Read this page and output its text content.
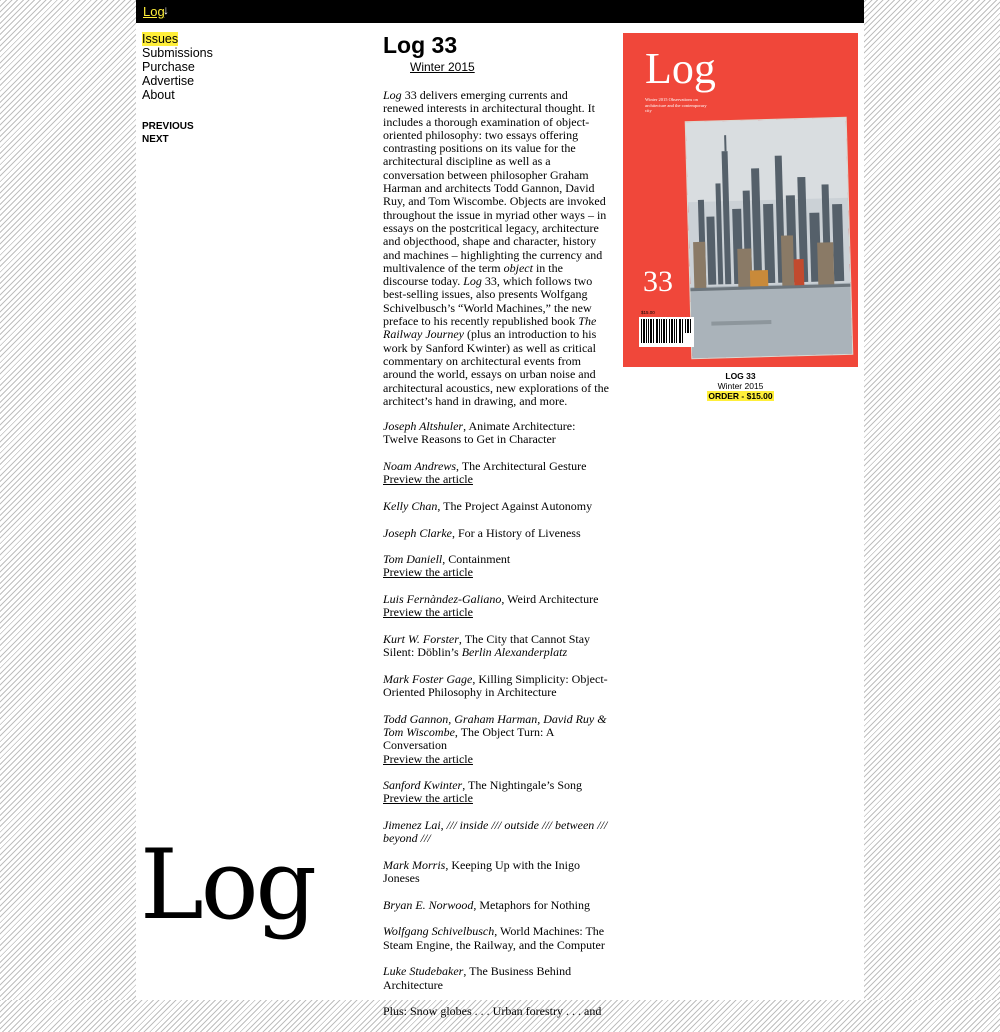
Log
↓
Issues
Submissions
Purchase
Advertise
About
PREVIOUS
NEXT
Log
Log 33
Winter 2015

Log 33 delivers emerging currents and renewed interests in architectural thought. It includes a thorough examination of object-oriented philosophy: two essays offering contrasting positions on its value for the architectural discipline as well as a conversation between philosopher Graham Harman and architects Todd Gannon, David Ruy, and Tom Wiscombe. Objects are invoked throughout the issue in myriad other ways – in essays on the postcritical legacy, architecture and objecthood, shape and character, history and machines – highlighting the currency and multivalence of the term object in the discourse today. Log 33, which follows two best-selling issues, also presents Wolfgang Schivelbusch’s “World Machines,” the new preface to his recently republished book The Railway Journey (plus an introduction to his work by Sanford Kwinter) as well as critical commentary on architectural events from around the world, essays on urban noise and architectural acoustics, new explorations of the architect’s hand in drawing, and more.

Joseph Altshuler, Animate Architecture: Twelve Reasons to Get in Character
Noam Andrews, The Architectural Gesture
Preview the article
Kelly Chan, The Project Against Autonomy
Joseph Clarke, For a History of Liveness
Tom Daniell, Containment
Preview the article
Luis Fernàndez-Galiano, Weird Architecture
Preview the article
Kurt W. Forster, The City that Cannot Stay Silent: Döblin’s Berlin Alexanderplatz
Mark Foster Gage, Killing Simplicity: Object-Oriented Philosophy in Architecture
Todd Gannon, Graham Harman, David Ruy & Tom Wiscombe, The Object Turn: A Conversation
Preview the article
Sanford Kwinter, The Nightingale’s Song
Preview the article
Jimenez Lai, /// inside /// outside /// between /// beyond ///
Mark Morris, Keeping Up with the Inigo Joneses
Bryan E. Norwood, Metaphors for Nothing
Wolfgang Schivelbusch, World Machines: The Steam Engine, the Railway, and the Computer
Luke Studebaker, The Business Behind Architecture
Plus: Snow globes . . . Urban forestry . . . and
Log
Winter 2015 Observations on architecture and the contemporary city
33
$15.00
LOG 33
Winter 2015
ORDER - $15.00
